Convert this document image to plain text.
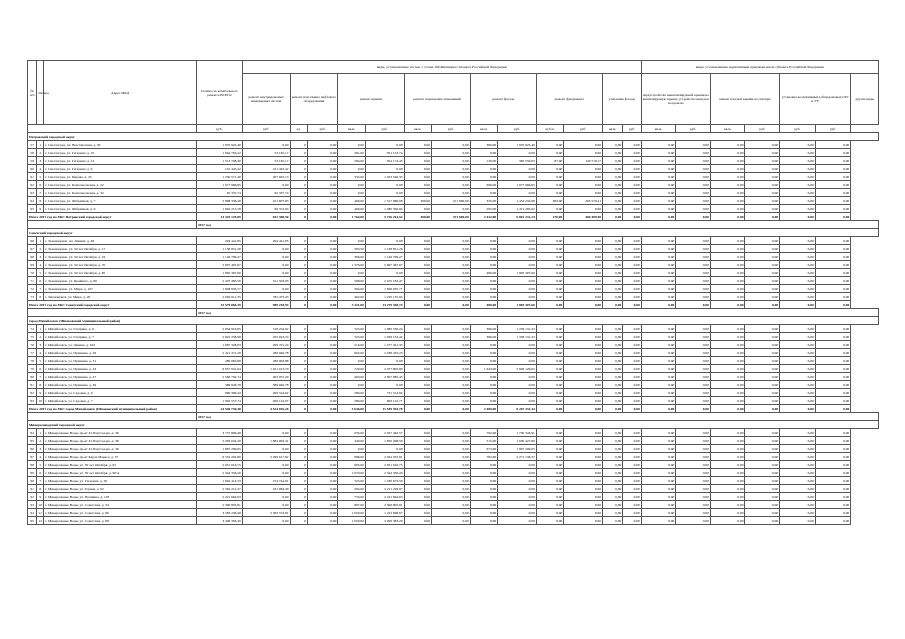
№ п/п	Литера	Адрес МКД	Стоимость капитального ремонта ВСЕГО	виды, установленные частью 1 статьи 166 Жилищного Кодекса Российской Федерации													виды, установленные нормативным правовым актом субъекта Российской Федерации						
				ремонт внутридомовых инженерных систем	ремонт или замена лифтового оборудования		ремонт крыши		ремонт подвальных помещений		ремонт фасада		ремонт фундамента		утепление фасада		переустройство невентилируемой крыши на вентилируемую крышу, устройство выходов на кровлю		замена плоской крыши на скатную		установка коллективных (общедомовых) ПУ и УУ		другие виды
			руб.	руб.	ед.	руб.	кв.м.	руб.	кв.м.	руб.	кв.м.	руб.	куб.м.	руб.	кв.м.	руб.	кв.м.	руб.	кв.м.	руб.	руб.	руб.	
Петровский городской округ																							
57	1	г. Светлоград, пл. Выставочная, д. 30	1 870 925,46	0,00	0	0,00	0,00	0,00	0,00	0,00	380,00	1 870 925,46	0,00	0,00	0,00	0,00	0,00	0,00	0,00	0,00	0,00	0,00	
58	2	г. Светлоград, ул. Гагарина, д. 10	1 064 763,22	53 165,17	0	0,00	281,00	951 153,74	0,00	0,00	0,00	0,00	0,00	0,00	0,00	0,00	0,00	0,00	0,00	0,00	0,00	0,00	
59	3	г. Светлоград, ул. Гагарина, д. 12	1 513 708,46	53 165,17	0	0,00	284,00	954 174,43	0,00	0,00	130,00	385 550,63	87,00	120 718,17	0,00	0,00	0,00	0,00	0,00	0,00	0,00	0,00	
60	4	г. Светлоград, ул. Гагарина, д. 9	101 445,42	101 445,42	0	0,00	0,00	0,00	0,00	0,00	0,00	0,00	0,00	0,00	0,00	0,00	0,00	0,00	0,00	0,00	0,00	0,00	
61	5	г. Светлоград, ул. Кирова, д. 23	1 230 571,46	207 025,13	0	0,00	335,00	1 023 546,33	0,00	0,00	0,00	0,00	0,00	0,00	0,00	0,00	0,00	0,00	0,00	0,00	0,00	0,00	
62	6	г. Светлоград, ул. Комсомольская, д. 22	1 677 966,85	0,00	0	0,00	0,00	0,00	0,00	0,00	690,00	1 677 966,85	0,00	0,00	0,00	0,00	0,00	0,00	0,00	0,00	0,00	0,00	
63	7	г. Светлоград, ул. Комсомольская, д. 32	65 337,74	65 337,74	0	0,00	0,00	0,00	0,00	0,00	0,00	0,00	0,00	0,00	0,00	0,00	0,00	0,00	0,00	0,00	0,00	0,00	
64	8	г. Светлоград, ул. Фабричная, д. 7	5 808 338,49	101 607,83	0	0,00	406,00	1 317 990,08	300,00	471 669,00	335,00	1 454 232,98	383,00	265 570,41	0,00	0,00	0,00	0,00	0,00	0,00	0,00	0,00	
65	9	г. Светлоград, ул. Фабричная, д. 9	1 992 215,58	69 372,04	0	0,00	406,00	1 480 356,84	0,00	0,00	295,00	1 412 285,02	0,00	0,00	0,00	0,00	0,00	0,00	0,00	0,00	0,00	0,00	
Итого 2017 год по МО: Петровский городской округ			14 325 129,89	651 308,50	0	0,00	1 764,00	5 726 261,52	300,00	471 669,00	2 432,00	6 801 231,24	270,00	406 409,58	0,00	0,00	0,00	0,00	0,00	0,00	0,00	0,00	
			2017 год																				
Советский городской округ																							
66	1	г. Зеленокумск, пл. Ленина, д. 48	204 441,85	204 441,85	0	0,00	0,00	0,00	0,00	0,00	0,00	0,00	0,00	0,00	0,00	0,00	0,00	0,00	0,00	0,00	0,00	0,00	
67	2	г. Зеленокумск, ул. 50 лет Октября, д. 17	1 138 851,26	0,00	0	0,00	303,50	1 138 851,26	0,00	0,00	0,00	0,00	0,00	0,00	0,00	0,00	0,00	0,00	0,00	0,00	0,00	0,00	
68	3	г. Зеленокумск, ул. 50 лет Октября, д. 19	1 146 709,27	0,00	0	0,00	306,00	1 146 709,27	0,00	0,00	0,00	0,00	0,00	0,00	0,00	0,00	0,00	0,00	0,00	0,00	0,00	0,00	
69	4	г. Зеленокумск, ул. 50 лет Октября, д. 70	5 697 467,67	0,00	0	0,00	1 376,00	5 697 467,67	0,00	0,00	0,00	0,00	0,00	0,00	0,00	0,00	0,00	0,00	0,00	0,00	0,00	0,00	
70	5	г. Зеленокумск, ул. 50 лет Октября, д. 85	1 805 307,60	0,00	0	0,00	0,00	0,00	0,00	0,00	480,00	1 805 307,60	0,00	0,00	0,00	0,00	0,00	0,00	0,00	0,00	0,00	0,00	
71	6	г. Зеленокумск, ул. Крайнего, д. 60	2 207 483,50	101 503,03	0	0,00	508,00	2 105 184,47	0,00	0,00	0,00	0,00	0,00	0,00	0,00	0,00	0,00	0,00	0,00	0,00	0,00	0,00	
72	7	г. Зеленокумск, ул. Мира, д. 107	1 848 935,77	0,00	0	0,00	394,00	1 848 935,77	0,00	0,00	0,00	0,00	0,00	0,00	0,00	0,00	0,00	0,00	0,00	0,00	0,00	0,00	
73	8	г. Зеleнокумск, ул. Мира, д. 20	2 002 611,35	782 475,43	0	0,00	462,00	1 220 135,94	0,00	0,00	0,00	0,00	0,00	0,00	0,00	0,00	0,00	0,00	0,00	0,00	0,00	0,00	
Итого 2017 год по МО: Советский городской округ			15 579 084,39	989 218,93	0	0,00	3 321,00	14 279 358,74	0,00	0,00	480,00	1 805 307,60	0,00	0,00	0,00	0,00	0,00	0,00	0,00	0,00	0,00	0,00	
			2017 год																				
город Михайловск (Шпаковский муниципальный район)																							
74	1	г. Михайловск, ул. Гагарина, д. 6	2 834 916,85	518 234,02	0	0,00	325,00	1 080 550,24	0,00	0,00	386,00	1 236 131,33	0,00	0,00	0,00	0,00	0,00	0,00	0,00	0,00	0,00	0,00	
75	2	г. Михайловск, ул. Гагарина, д. 7	2 822 258,08	455 023,74	0	0,00	325,00	1 029 134,42	0,00	0,00	386,00	1 338 131,33	0,00	0,00	0,00	0,00	0,00	0,00	0,00	0,00	0,00	0,00	
76	3	г. Михайловск, ул. Ленина, д. 163	1 687 328,03	209 701,24	0	0,00	216,00	1 477 321,33	0,00	0,00	0,00	0,00	0,00	0,00	0,00	0,00	0,00	0,00	0,00	0,00	0,00	0,00	
77	4	г. Михайловск, ул. Пушкина, д. 29	2 421 371,29	289 946,78	0	0,00	602,00	2 038 435,23	0,00	0,00	0,00	0,00	0,00	0,00	0,00	0,00	0,00	0,00	0,00	0,00	0,00	0,00	
78	5	г. Михайловск, ул. Пушкина, д. 31	289 963,88	289 963,88	0	0,00	0,00	0,00	0,00	0,00	0,00	0,00	0,00	0,00	0,00	0,00	0,00	0,00	0,00	0,00	0,00	0,00	
79	6	г. Михайловск, ул. Пушкина, д. 43	9 657 941,64	1 451 013,70	0	0,00	720,00	2 077 805,89	0,00	0,00	1 643,00	5 849 129,02	0,00	0,00	0,00	0,00	0,00	0,00	0,00	0,00	0,00	0,00	
80	7	г. Михайловск, ул. Пушкина, д. 47	2 566 792,74	403 957,29	0	0,00	463,00	2 857 885,45	0,00	0,00	0,00	0,00	0,00	0,00	0,00	0,00	0,00	0,00	0,00	0,00	0,00	0,00	
81	8	г. Михайловск, ул. Пушкина, д. 49	389 946,78	389 946,78	0	0,00	0,00	0,00	0,00	0,00	0,00	0,00	0,00	0,00	0,00	0,00	0,00	0,00	0,00	0,00	0,00	0,00	
82	9	г. Михайловск, ул. Садовая, д. 6	999 309,43	209 524,02	0	0,00	280,00	731 513,82	0,00	0,00	0,00	0,00	0,00	0,00	0,00	0,00	0,00	0,00	0,00	0,00	0,00	0,00	
83	10	г. Михайловск, ул. Садовая, д. 7	1 092 557,74	409 124,97	0	0,00	280,00	693 122,77	0,00	0,00	0,00	0,00	0,00	0,00	0,00	0,00	0,00	0,00	0,00	0,00	0,00	0,00	
Итого 2017 год по МО: город Михайловск (Шпаковский муниципальный район)			24 540 730,48	4 524 016,26	0	0,00	3 636,00	11 549 394,78	0,00	0,00	2 489,00	8 267 331,44	0,00	0,00	0,00	0,00	0,00	0,00	0,00	0,00	0,00	0,00	
			2017 год																				
Минераловодский городской округ																							
84	1	г. Минеральные Воды, пр-кт 22 Партсъезда, д. 30	3 757 806,48	0,00	0	0,00	635,00	2 027 462,57	0,00	0,00	792,00	1 730 343,91	0,00	0,00	0,00	0,00	0,00	0,00	0,00	0,00	0,00	0,00	
85	2	г. Минеральные Воды, пр-кт 22 Партсъезда, д. 38	5 265 024,29	1 884 093,41	0	0,00	449,00	1 850 208,59	0,00	0,00	515,00	1 630 427,89	0,00	0,00	0,00	0,00	0,00	0,00	0,00	0,00	0,00	0,00	
86	3	г. Минеральные Воды, пр-кт 22 Партсъезда, д. 39	1 867 209,05	0,00	0	0,00	0,00	0,00	0,00	0,00	673,00	1 867 209,05	0,00	0,00	0,00	0,00	0,00	0,00	0,00	0,00	0,00	0,00	
87	4	г. Минеральные Воды, пр-кт Карла Маркса, д. 37	6 552 202,80	2 269 617,82	0	0,00	686,00	2 024 355,81	0,00	0,00	782,00	2 271 138,37	0,00	0,00	0,00	0,00	0,00	0,00	0,00	0,00	0,00	0,00	
88	5	г. Минеральные Воды, ул. 50 лет Октября, д. 65	2 651 616,75	0,00	0	0,00	605,00	2 651 616,75	0,00	0,00	0,00	0,00	0,00	0,00	0,00	0,00	0,00	0,00	0,00	0,00	0,00	0,00	
89	6	г. Минеральные Воды, ул. 50 лет Октября, д. 90/А	2 344 356,20	0,00	0	0,00	1 070,00	2 344 356,20	0,00	0,00	0,00	0,00	0,00	0,00	0,00	0,00	0,00	0,00	0,00	0,00	0,00	0,00	
90	7	г. Минеральные Воды, ул. Гагарина, д. 50	1 692 414,53	274 744,61	0	0,00	325,00	1 436 673,59	0,00	0,00	0,00	0,00	0,00	0,00	0,00	0,00	0,00	0,00	0,00	0,00	0,00	0,00	
91	8	г. Минеральные Воды, ул. Горная, д. 62	2 362 212,27	181 984,30	0	0,00	294,00	2 211 228,97	0,00	0,00	0,00	0,00	0,00	0,00	0,00	0,00	0,00	0,00	0,00	0,00	0,00	0,00	
92	9	г. Минеральные Воды, ул. Пушкина, д. 103	2 241 664,63	0,00	0	0,00	733,00	2 241 664,63	0,00	0,00	0,00	0,00	0,00	0,00	0,00	0,00	0,00	0,00	0,00	0,00	0,00	0,00	
93	10	г. Минеральные Воды, ул. Советская, д. 34	2 306 805,81	0,00	0	0,00	887,00	2 306 805,81	0,00	0,00	0,00	0,00	0,00	0,00	0,00	0,00	0,00	0,00	0,00	0,00	0,00	0,00	
94	11	г. Минеральные Воды, ул. Советская, д. 86	3 583 236,48	2 363 573,81	0	0,00	1 050,00	1 222 698,67	0,00	0,00	0,00	0,00	0,00	0,00	0,00	0,00	0,00	0,00	0,00	0,00	0,00	0,00	
95	12	г. Минеральные Воды, ул. Советская, д. 88	3 206 383,20	0,00	0	0,00	1 050,00	3 206 383,20	0,00	0,00	0,00	0,00	0,00	0,00	0,00	0,00	0,00	0,00	0,00	0,00	0,00	0,00	
